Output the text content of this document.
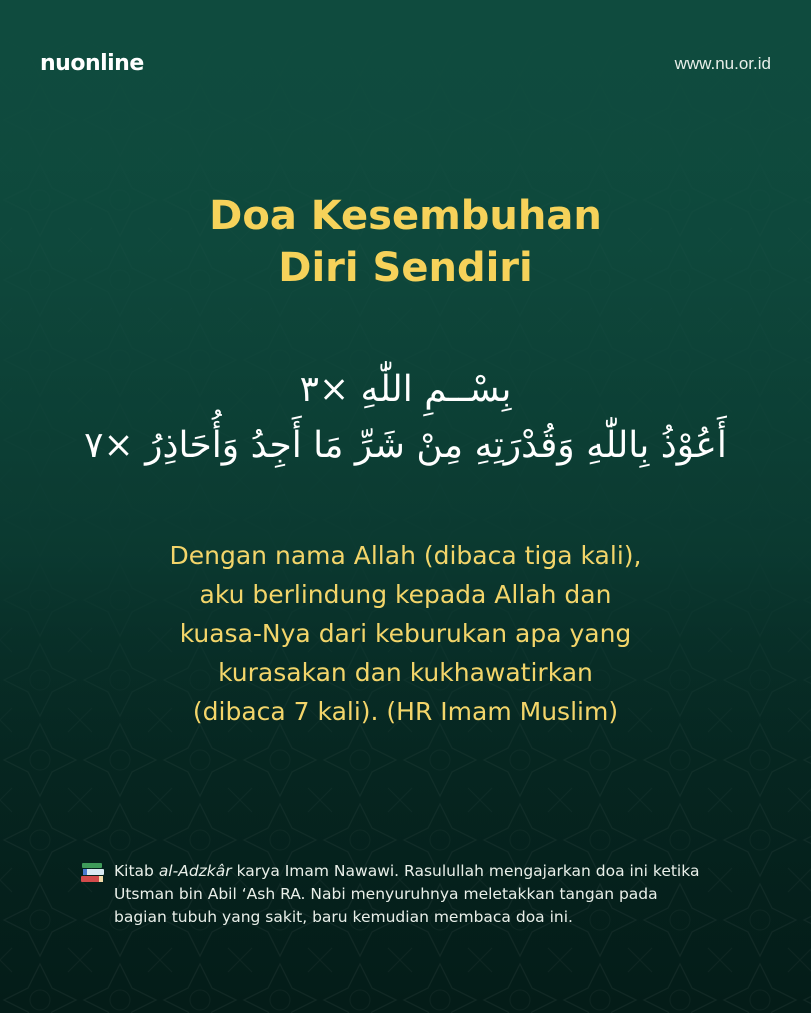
nuonline	www.nu.or.id
Doa Kesembuhan
Diri Sendiri
بِسْــمِ اللّٰهِ ×٣
أَعُوْذُ بِاللّٰهِ وَقُدْرَتِهِ مِنْ شَرِّ مَا أَجِدُ وَأُحَاذِرُ ×٧
Dengan nama Allah (dibaca tiga kali),
aku berlindung kepada Allah dan
kuasa-Nya dari keburukan apa yang
kurasakan dan kukhawatirkan
(dibaca 7 kali). (HR Imam Muslim)
Kitab al-Adzkâr karya Imam Nawawi. Rasulullah mengajarkan doa ini ketika
Utsman bin Abil ‘Ash RA. Nabi menyuruhnya meletakkan tangan pada
bagian tubuh yang sakit, baru kemudian membaca doa ini.
